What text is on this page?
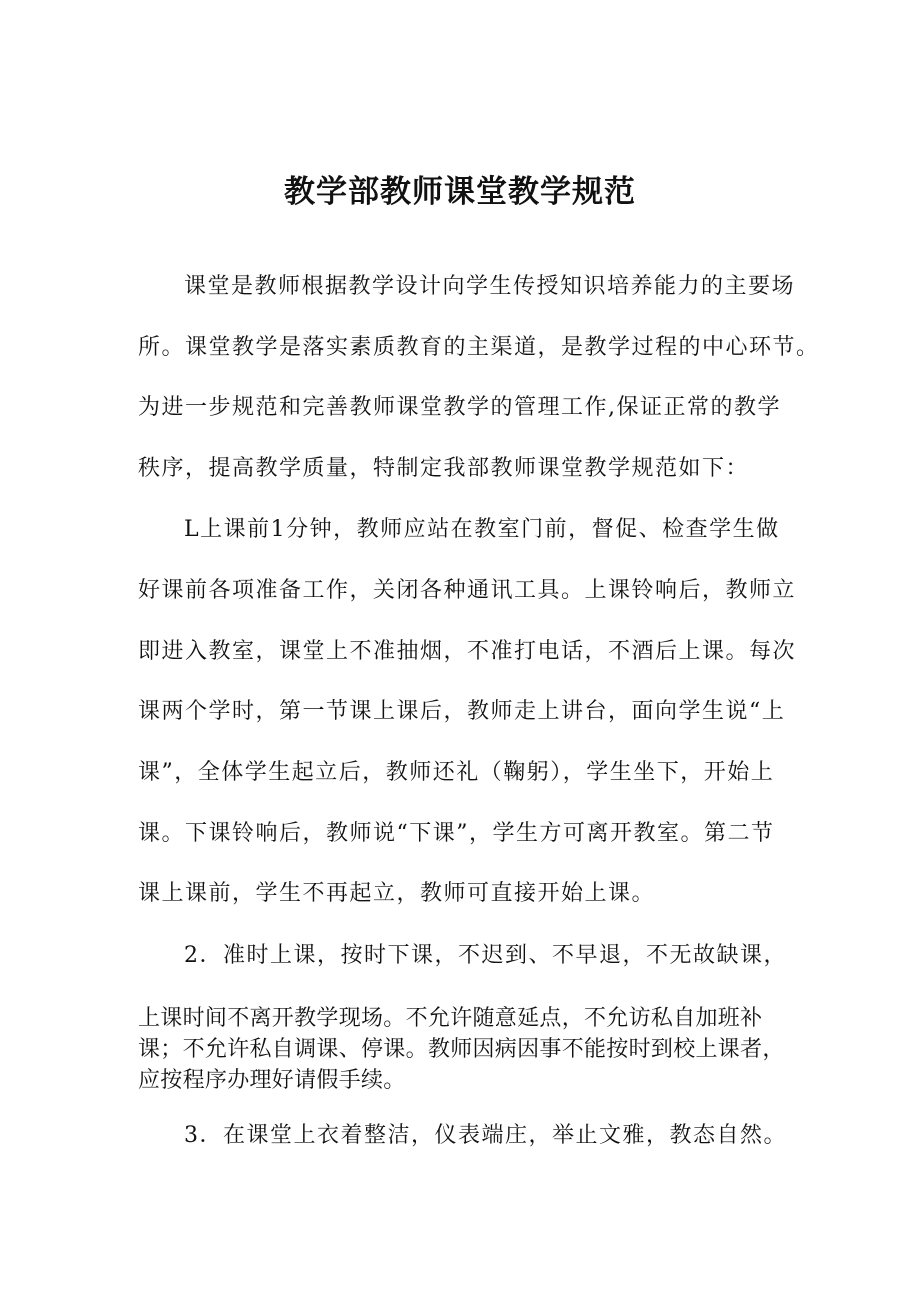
教学部教师课堂教学规范
课堂是教师根据教学设计向学生传授知识培养能力的主要场
所。课堂教学是落实素质教育的主渠道，是教学过程的中心环节。
为进一步规范和完善教师课堂教学的管理工作,保证正常的教学
秩序，提高教学质量，特制定我部教师课堂教学规范如下：
L上课前1分钟，教师应站在教室门前，督促、检查学生做
好课前各项准备工作，关闭各种通讯工具。上课铃响后，教师立
即进入教室，课堂上不准抽烟，不准打电话，不酒后上课。每次
课两个学时，第一节课上课后，教师走上讲台，面向学生说“上
课”，全体学生起立后，教师还礼（鞠躬），学生坐下，开始上
课。下课铃响后，教师说“下课”，学生方可离开教室。第二节
课上课前，学生不再起立，教师可直接开始上课。
2．准时上课，按时下课，不迟到、不早退，不无故缺课，
上课时间不离开教学现场。不允许随意延点，不允访私自加班补
课；不允许私自调课、停课。教师因病因事不能按时到校上课者，
应按程序办理好请假手续。
3．在课堂上衣着整洁，仪表端庄，举止文雅，教态自然。
